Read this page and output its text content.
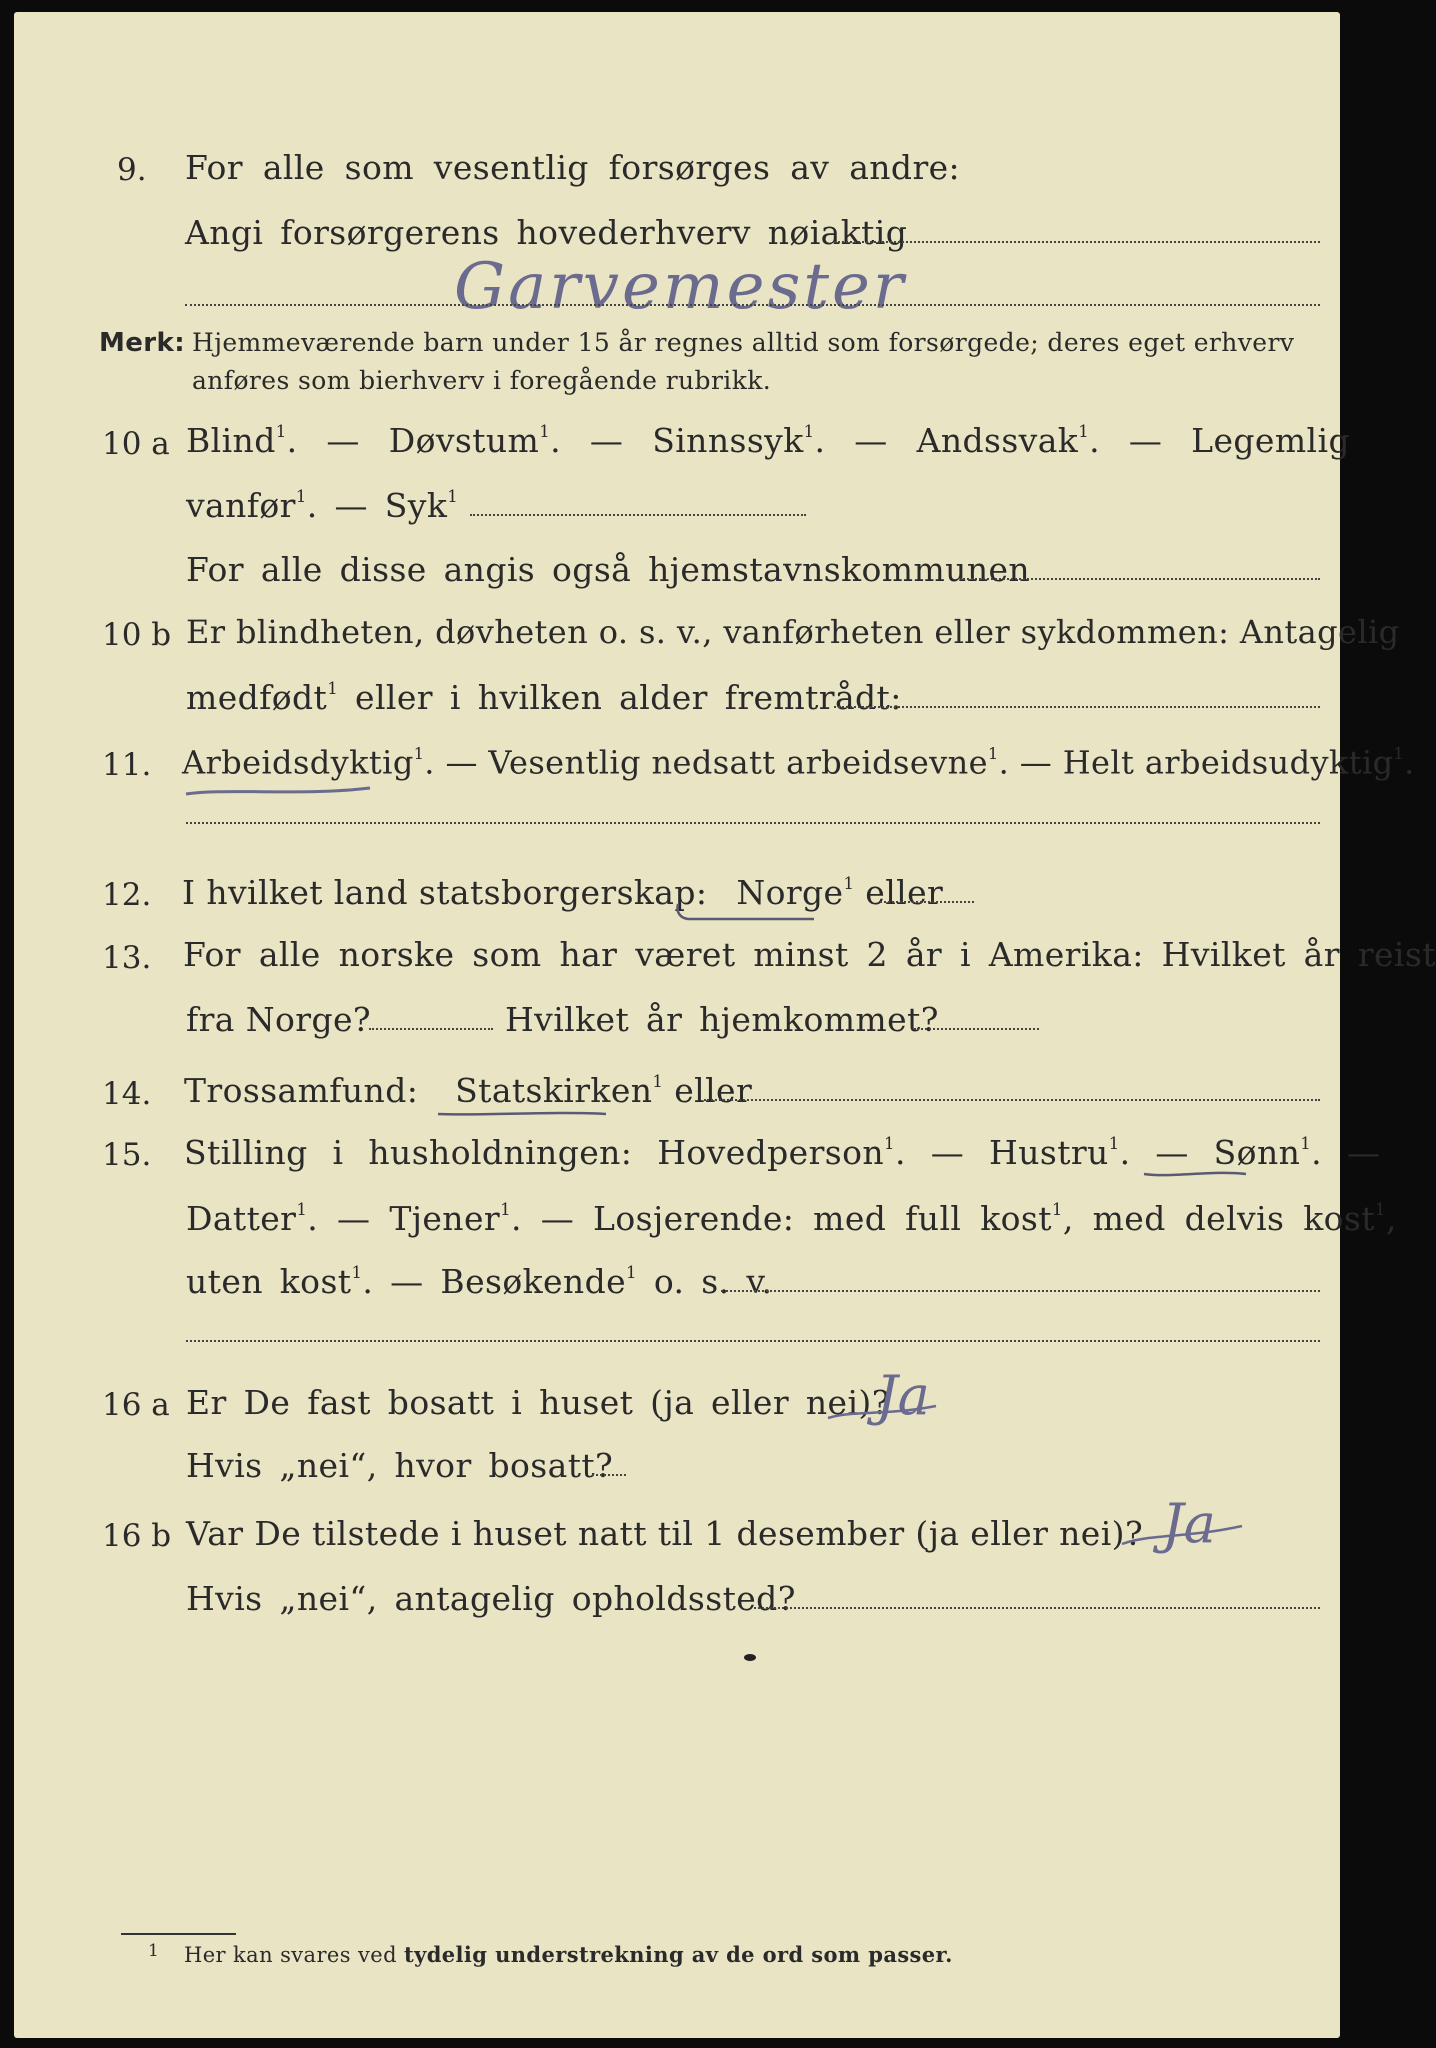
9. For alle som vesentlig forsørges av andre:
Angi forsørgerens hovederhverv nøiaktig
Garvemester
Merk: Hjemmeværende barn under 15 år regnes alltid som forsørgede; deres eget erhverv
anføres som bierhverv i foregående rubrikk.
10 a Blind$^1$. — Døvstum$^1$. — Sinnssyk$^1$. — Andssvak$^1$. — Legemlig
vanfør$^1$. — Syk$^1$
For alle disse angis også hjemstavnskommunen
10 b Er blindheten, døvheten o. s. v., vanførheten eller sykdommen: Antagelig
medfødt$^1$ eller i hvilken alder fremtrådt:
11. Arbeidsdyktig$^1$. — Vesentlig nedsatt arbeidsevne$^1$. — Helt arbeidsudyktig$^1$.
12. I hvilket land statsborgerskap: Norge$^1$ eller
13. For alle norske som har været minst 2 år i Amerika: Hvilket år reist
fra Norge?	Hvilket år hjemkommet?
14. Trossamfund: Statskirken$^1$ eller
15. Stilling i husholdningen: Hovedperson$^1$. — Hustru$^1$. — Sønn$^1$. —
Datter$^1$. — Tjener$^1$. — Losjerende: med full kost$^1$, med delvis kost$^1$,
uten kost$^1$. — Besøkende$^1$ o. s. v.
16 a Er De fast bosatt i huset (ja eller nei)?
Ja
Hvis „nei“, hvor bosatt?
16 b Var De tilstede i huset natt til 1 desember (ja eller nei)? Ja
Hvis „nei“, antagelig opholdssted?
1 Her kan svares ved tydelig understrekning av de ord som passer.
